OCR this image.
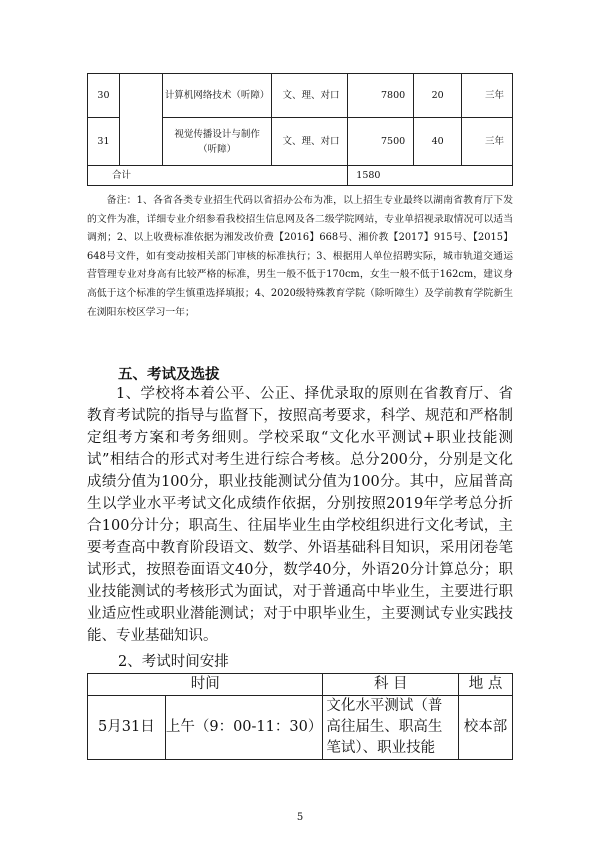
30		计算机网络技术（听障）	文、理、对口	7800	20	三年
31		视觉传播设计与制作
（听障）	文、理、对口	7500	40	三年
合计				1580		

备注：1、各省各类专业招生代码以省招办公布为准，以上招生专业最终以湖南省教育厅下发的文件为准，详细专业介绍参看我校招生信息网及各二级学院网站，专业单招视录取情况可以适当调剂；2、以上收费标准依据为湘发改价费【2016】668号、湘价教【2017】915号、【2015】648号文件，如有变动按相关部门审核的标准执行；3、根据用人单位招聘实际，城市轨道交通运营管理专业对身高有比较严格的标准，男生一般不低于170cm，女生一般不低于162cm，建议身高低于这个标准的学生慎重选择填报；4、2020级特殊教育学院（除听障生）及学前教育学院新生在浏阳东校区学习一年；

五、考试及选拔

1、学校将本着公平、公正、择优录取的原则在省教育厅、省教育考试院的指导与监督下，按照高考要求，科学、规范和严格制定组考方案和考务细则。学校采取“文化水平测试+职业技能测试”相结合的形式对考生进行综合考核。总分200分，分别是文化成绩分值为100分，职业技能测试分值为100分。其中，应届普高生以学业水平考试文化成绩作依据，分别按照2019年学考总分折合100分计分；职高生、往届毕业生由学校组织进行文化考试，主要考查高中教育阶段语文、数学、外语基础科目知识，采用闭卷笔试形式，按照卷面语文40分，数学40分，外语20分计算总分；职业技能测试的考核形式为面试，对于普通高中毕业生，主要进行职业适应性或职业潜能测试；对于中职毕业生，主要测试专业实践技能、专业基础知识。

2、考试时间安排

时间		科 目	地 点
5月31日	上午（9：00-11：30）	文化水平测试（普
高往届生、职高生
笔试）、职业技能	校本部
5
